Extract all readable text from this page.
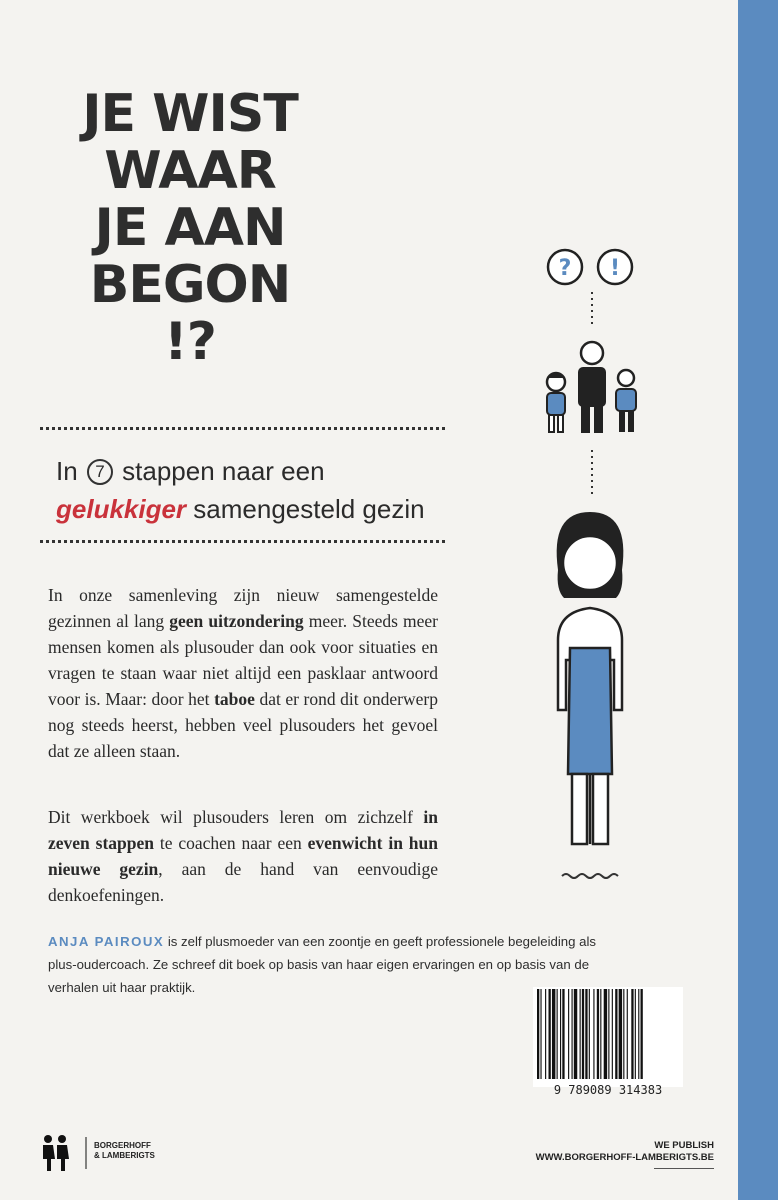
JE WIST
WAAR
JE AAN
BEGON
!?
In 7 stappen naar een
gelukkiger samengesteld gezin
In onze samenleving zijn nieuw samengestelde gezinnen al lang geen uitzondering meer. Steeds meer mensen komen als plusouder dan ook voor situaties en vragen te staan waar niet altijd een pasklaar antwoord voor is. Maar: door het taboe dat er rond dit onderwerp nog steeds heerst, hebben veel plusouders het gevoel dat ze alleen staan.
Dit werkboek wil plusouders leren om zichzelf in zeven stappen te coachen naar een evenwicht in hun nieuwe gezin, aan de hand van eenvoudige denkoefeningen.
ANJA PAIROUX is zelf plusmoeder van een zoontje en geeft professionele begeleiding als plus-oudercoach. Ze schreef dit boek op basis van haar eigen ervaringen en op basis van de verhalen uit haar praktijk.
? !
9 789089 314383
BORGERHOFF
& LAMBERIGTS
WE PUBLISH
WWW.BORGERHOFF-LAMBERIGTS.BE
